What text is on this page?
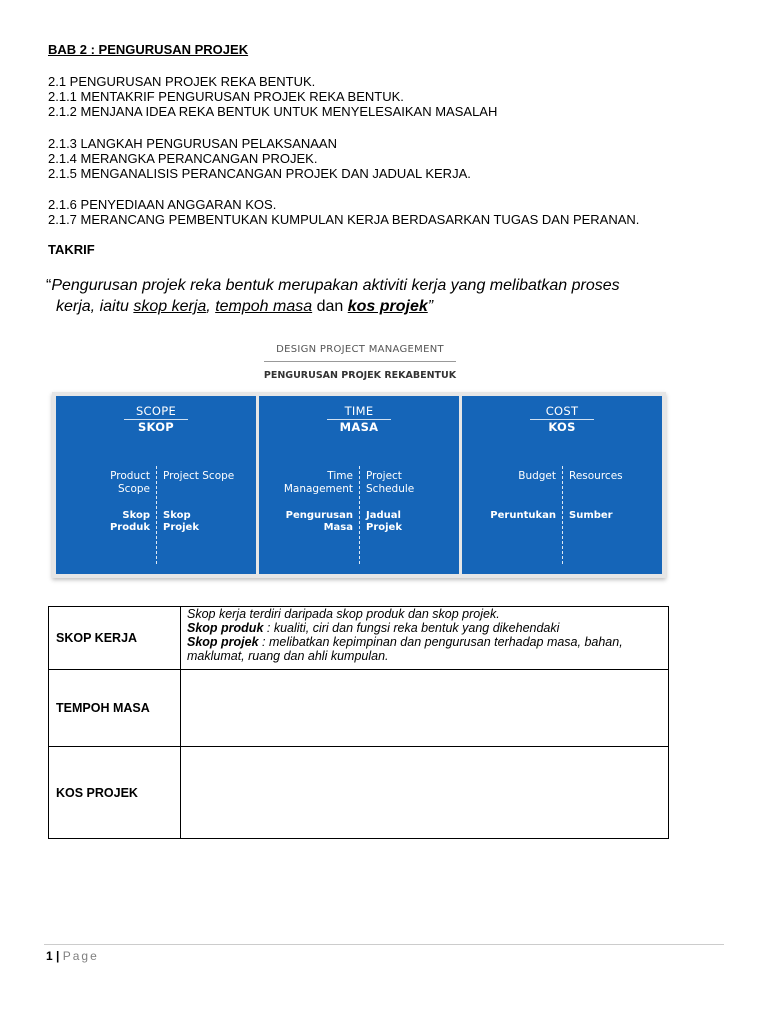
BAB 2 : PENGURUSAN PROJEK
2.1 PENGURUSAN PROJEK REKA BENTUK.
2.1.1 MENTAKRIF PENGURUSAN PROJEK REKA BENTUK.
2.1.2 MENJANA IDEA REKA BENTUK UNTUK MENYELESAIKAN MASALAH
2.1.3 LANGKAH PENGURUSAN PELAKSANAAN
2.1.4 MERANGKA PERANCANGAN PROJEK.
2.1.5 MENGANALISIS PERANCANGAN PROJEK DAN JADUAL KERJA.
2.1.6 PENYEDIAAN ANGGARAN KOS.
2.1.7 MERANCANG PEMBENTUKAN KUMPULAN KERJA BERDASARKAN TUGAS DAN PERANAN.
TAKRIF
“Pengurusan projek reka bentuk merupakan aktiviti kerja yang melibatkan proses
kerja, iaitu skop kerja, tempoh masa dan kos projek”
DESIGN PROJECT MANAGEMENT
PENGURUSAN PROJEK REKABENTUK
SCOPE
SKOP
Product
Scope
Project Scope
Skop
Produk
Skop
Projek
TIME
MASA
Time
Management
Project
Schedule
Pengurusan
Masa
Jadual
Projek
COST
KOS
Budget Resources
Peruntukan Sumber
SKOP KERJA	Skop kerja terdiri daripada skop produk dan skop projek.
Skop produk : kualiti, ciri dan fungsi reka bentuk yang dikehendaki
Skop projek : melibatkan kepimpinan dan pengurusan terhadap masa, bahan, maklumat, ruang dan ahli kumpulan.

TEMPOH MASA	
KOS PROJEK	
1 | Page
